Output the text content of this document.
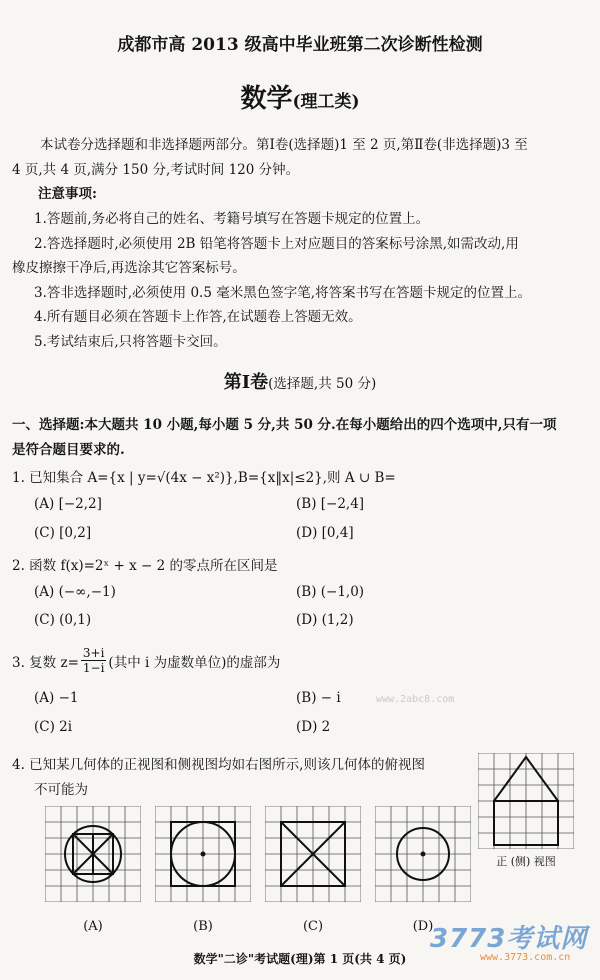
成都市高 2013 级高中毕业班第二次诊断性检测
数学(理工类)
本试卷分选择题和非选择题两部分。第Ⅰ卷(选择题)1 至 2 页,第Ⅱ卷(非选择题)3 至
4 页,共 4 页,满分 150 分,考试时间 120 分钟。
注意事项:
1.答题前,务必将自己的姓名、考籍号填写在答题卡规定的位置上。
2.答选择题时,必须使用 2B 铅笔将答题卡上对应题目的答案标号涂黑,如需改动,用
橡皮擦擦干净后,再选涂其它答案标号。
3.答非选择题时,必须使用 0.5 毫米黑色签字笔,将答案书写在答题卡规定的位置上。
4.所有题目必须在答题卡上作答,在试题卷上答题无效。
5.考试结束后,只将答题卡交回。
第Ⅰ卷(选择题,共 50 分)
一、选择题:本大题共 10 小题,每小题 5 分,共 50 分.在每小题给出的四个选项中,只有一项
是符合题目要求的.
1. 已知集合 A={x | y=√(4x − x²)},B={x‖x|≤2},则 A ∪ B=
(A) [−2,2]	(B) [−2,4]
(C) [0,2]	(D) [0,4]
2. 函数 f(x)=2ˣ + x − 2 的零点所在区间是
(A) (−∞,−1)	(B) (−1,0)
(C) (0,1)	(D) (1,2)
3. 复数 $z= \frac{3+i}{1-i}$ (其中 i 为虚数单位)的虚部为
(A) −1	(B) − i	www.2abc8.com
(C) 2i	(D) 2
4. 已知某几何体的正视图和侧视图均如右图所示,则该几何体的俯视图
不可能为
正 (侧) 视图
(A)	(B)	(C)	(D)
数学"二诊"考试题(理)第 1 页(共 4 页)
3773考试网
www.3773.com.cn
